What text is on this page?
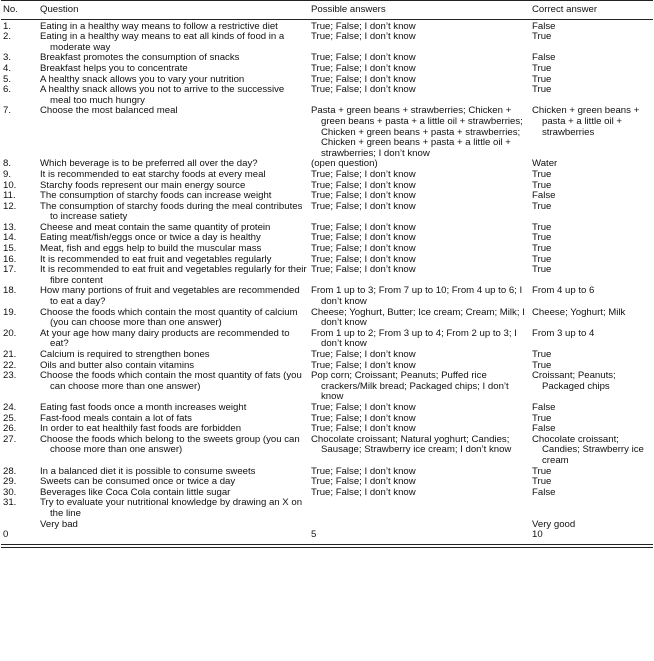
No.	Question	Possible answers	Correct answer

1.	Eating in a healthy way means to follow a restrictive diet	True; False; I don’t know	False

2.	Eating in a healthy way means to eat all kinds of food in a moderate way	True; False; I don’t know	True

3.	Breakfast promotes the consumption of snacks	True; False; I don’t know	False

4.	Breakfast helps you to concentrate	True; False; I don’t know	True

5.	A healthy snack allows you to vary your nutrition	True; False; I don’t know	True

6.	A healthy snack allows you not to arrive to the successive meal too much hungry	True; False; I don’t know	True

7.	Choose the most balanced meal	Pasta + green beans + strawberries; Chicken + green beans + pasta + a little oil + strawberries; Chicken + green beans + pasta + strawberries; Chicken + green beans + pasta + a little oil + strawberries; I don’t know	Chicken + green beans + pasta + a little oil + strawberries

8.	Which beverage is to be preferred all over the day?	(open question)	Water

9.	It is recommended to eat starchy foods at every meal	True; False; I don’t know	True

10.	Starchy foods represent our main energy source	True; False; I don’t know	True

11.	The consumption of starchy foods can increase weight	True; False; I don’t know	False

12.	The consumption of starchy foods during the meal contributes to increase satiety	True; False; I don’t know	True

13.	Cheese and meat contain the same quantity of protein	True; False; I don’t know	True

14.	Eating meat/fish/eggs once or twice a day is healthy	True; False; I don’t know	True

15.	Meat, fish and eggs help to build the muscular mass	True; False; I don’t know	True

16.	It is recommended to eat fruit and vegetables regularly	True; False; I don’t know	True

17.	It is recommended to eat fruit and vegetables regularly for their fibre content	True; False; I don’t know	True

18.	How many portions of fruit and vegetables are recommended to eat a day?	From 1 up to 3; From 7 up to 10; From 4 up to 6; I don’t know	From 4 up to 6

19.	Choose the foods which contain the most quantity of calcium (you can choose more than one answer)	Cheese; Yoghurt, Butter; Ice cream; Cream; Milk; I don’t know	Cheese; Yoghurt; Milk

20.	At your age how many dairy products are recommended to eat?	From 1 up to 2; From 3 up to 4; From 2 up to 3; I don’t know	From 3 up to 4

21.	Calcium is required to strengthen bones	True; False; I don’t know	True

22.	Oils and butter also contain vitamins	True; False; I don’t know	True

23.	Choose the foods which contain the most quantity of fats (you can choose more than one answer)	Pop corn; Croissant; Peanuts; Puffed rice crackers/Milk bread; Packaged chips; I don’t know	Croissant; Peanuts; Packaged chips

24.	Eating fast foods once a month increases weight	True; False; I don’t know	False

25.	Fast-food meals contain a lot of fats	True; False; I don’t know	True

26.	In order to eat healthily fast foods are forbidden	True; False; I don’t know	False

27.	Choose the foods which belong to the sweets group (you can choose more than one answer)	Chocolate croissant; Natural yoghurt; Candies; Sausage; Strawberry ice cream; I don’t know	Chocolate croissant; Candies; Strawberry ice cream

28.	In a balanced diet it is possible to consume sweets	True; False; I don’t know	True

29.	Sweets can be consumed once or twice a day	True; False; I don’t know	True

30.	Beverages like Coca Cola contain little sugar	True; False; I don’t know	False

31.	Try to evaluate your nutritional knowledge by drawing an X on the line		

	Very bad		Very good

0		5	10
